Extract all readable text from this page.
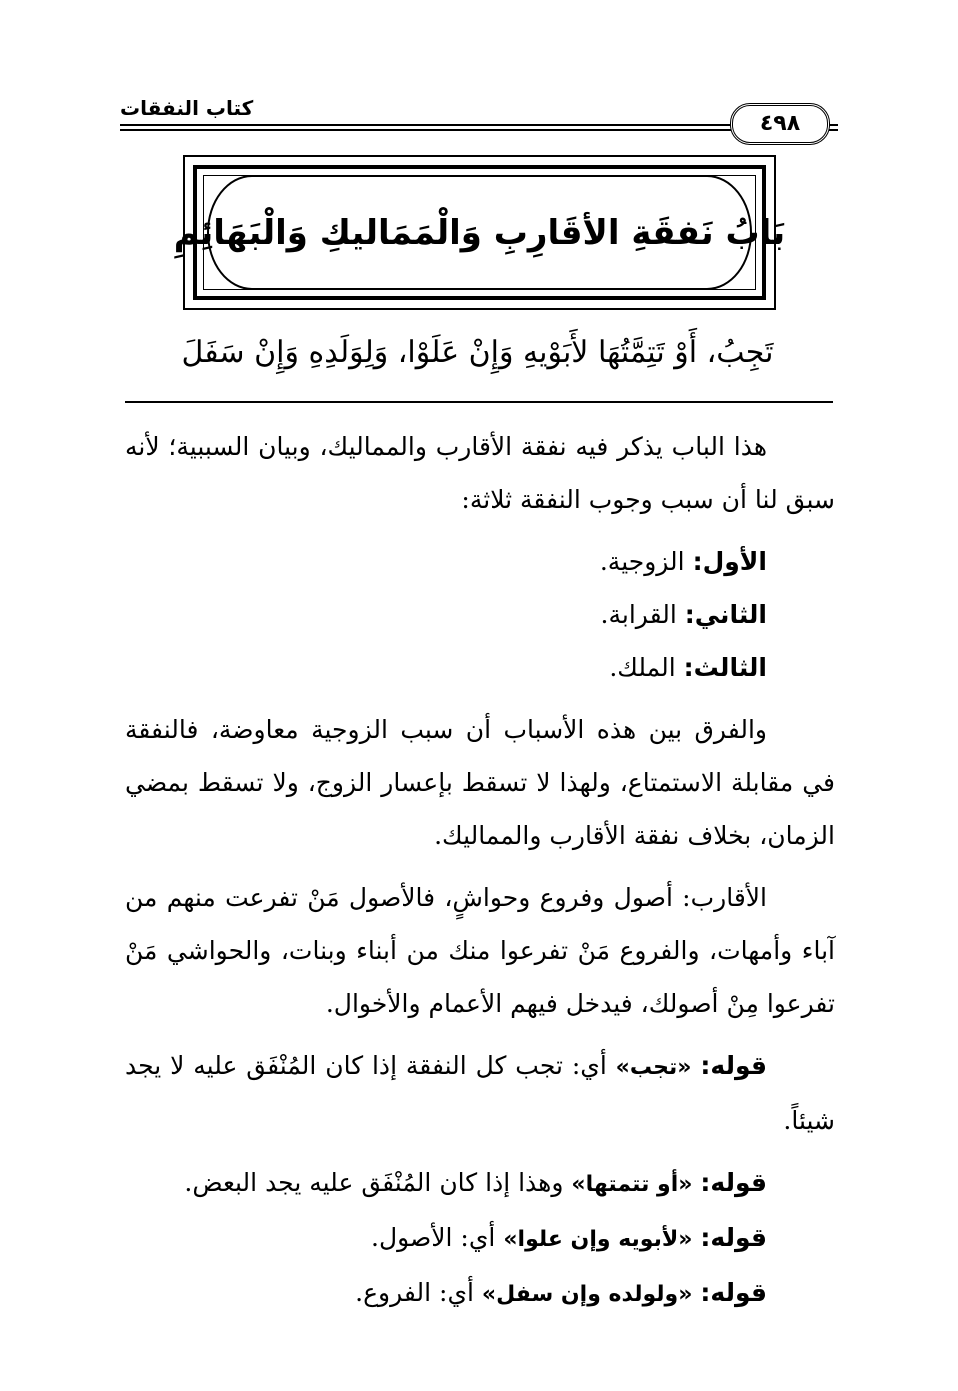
كتاب النفقات
٤٩٨
بَابُ نَفقَةِ الأقَارِبِ وَالْمَمَاليكِ وَالْبَهَائِمِ
تَجِبُ، أَوْ تَتِمَّتُهَا لأَبَوْيهِ وَإِنْ عَلَوْا، وَلِوَلَدِهِ وَإِنْ سَفَلَ

هذا الباب يذكر فيه نفقة الأقارب والمماليك، وبيان السببية؛ لأنه سبق لنا أن سبب وجوب النفقة ثلاثة:

الأول: الزوجية.

الثاني: القرابة.

الثالث: الملك.

والفرق بين هذه الأسباب أن سبب الزوجية معاوضة، فالنفقة في مقابلة الاستمتاع، ولهذا لا تسقط بإعسار الزوج، ولا تسقط بمضي الزمان، بخلاف نفقة الأقارب والمماليك.

الأقارب: أصول وفروع وحواشٍ، فالأصول مَنْ تفرعت منهم من آباء وأمهات، والفروع مَنْ تفرعوا منك من أبناء وبنات، والحواشي مَنْ تفرعوا مِنْ أصولك، فيدخل فيهم الأعمام والأخوال.

قوله: «تجب» أي: تجب كل النفقة إذا كان المُنْفَق عليه لا يجد شيئاً.

قوله: «أو تتمتها» وهذا إذا كان المُنْفَق عليه يجد البعض.

قوله: «لأبويه وإن علوا» أي: الأصول.

قوله: «ولولده وإن سفل» أي: الفروع.
